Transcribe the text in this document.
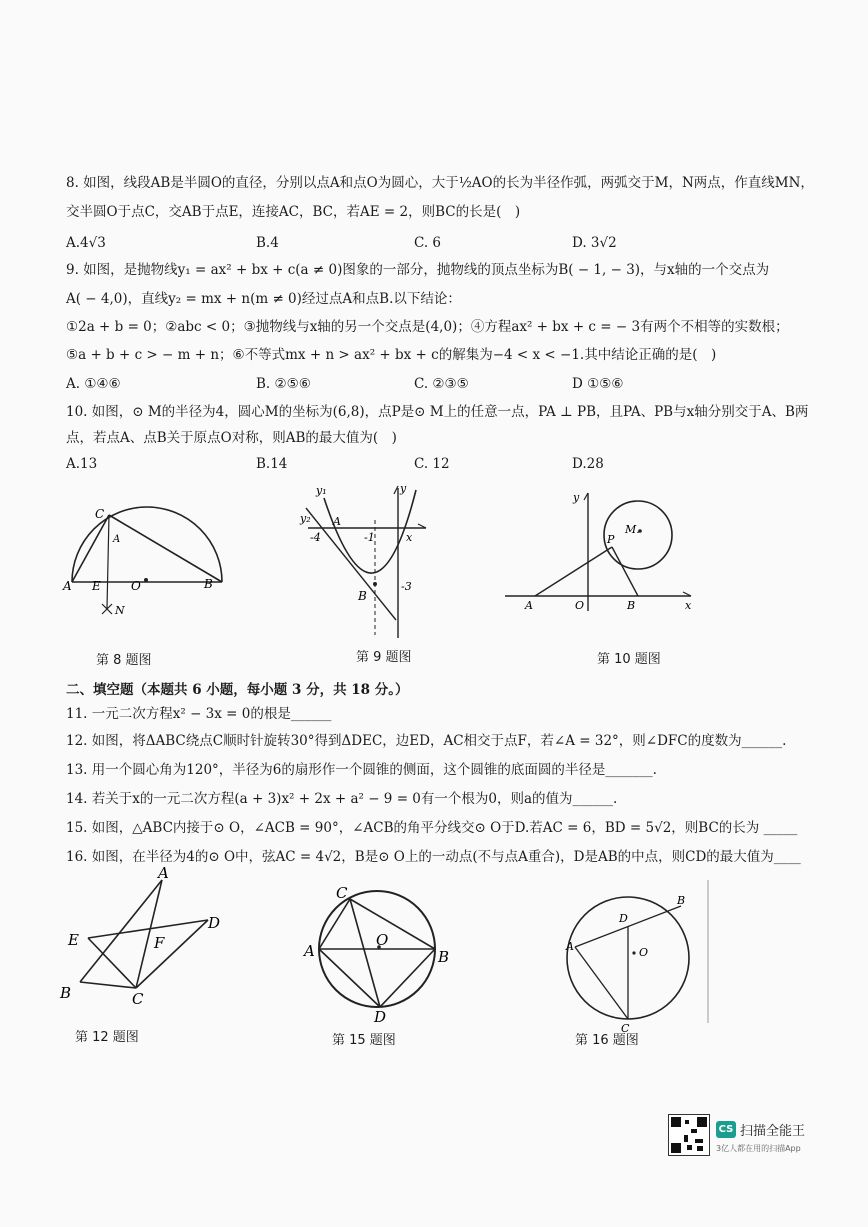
8. 如图，线段AB是半圆O的直径，分别以点A和点O为圆心，大于½AO的长为半径作弧，两弧交于M，N两点，作直线MN，
交半圆O于点C，交AB于点E，连接AC，BC，若AE = 2，则BC的长是(　)
A.4√3	B.4	C. 6	D. 3√2
9. 如图，是抛物线y₁ = ax² + bx + c(a ≠ 0)图象的一部分，抛物线的顶点坐标为B( − 1, − 3)，与x轴的一个交点为
A( − 4,0)，直线y₂ = mx + n(m ≠ 0)经过点A和点B.以下结论：
①2a + b = 0；②abc < 0；③抛物线与x轴的另一个交点是(4,0)；④方程ax² + bx + c = − 3有两个不相等的实数根；
⑤a + b + c > − m + n；⑥不等式mx + n > ax² + bx + c的解集为−4 < x < −1.其中结论正确的是(　)
A. ①④⑥	B. ②⑤⑥	C. ②③⑤	D ①⑤⑥
10. 如图，⊙ M的半径为4，圆心M的坐标为(6,8)，点P是⊙ M上的任意一点，PA ⊥ PB，且PA、PB与x轴分别交于A、B两
点，若点A、点B关于原点O对称，则AB的最大值为(　)
A.13	B.14	C. 12	D.28
C
A
E
A	O	B
N
第 8 题图
y₁	y
y₂ A
-4	-1	x
B
-3
第 9 题图
y
M.
P
A	O	B	x
第 10 题图
二、填空题（本题共 6 小题，每小题 3 分，共 18 分。）
11. 一元二次方程x² − 3x = 0的根是______
12. 如图，将ΔABC绕点C顺时针旋转30°得到ΔDEC，边ED，AC相交于点F，若∠A = 32°，则∠DFC的度数为______.
13. 用一个圆心角为120°，半径为6的扇形作一个圆锥的侧面，这个圆锥的底面圆的半径是_______.
14. 若关于x的一元二次方程(a + 3)x² + 2x + a² − 9 = 0有一个根为0，则a的值为______.
15. 如图，△ABC内接于⊙ O，∠ACB = 90°，∠ACB的角平分线交⊙ O于D.若AC = 6，BD = 5√2，则BC的长为 _____
16. 如图，在半径为4的⊙ O中，弦AC = 4√2，B是⊙ O上的一动点(不与点A重合)，D是AB的中点，则CD的最大值为____
A
E	F
D
B	C
第 12 题图
C
A
O
B
D
第 15 题图
D
B
A	O
C
第 16 题图
CS 扫描全能王
3亿人都在用的扫描App
